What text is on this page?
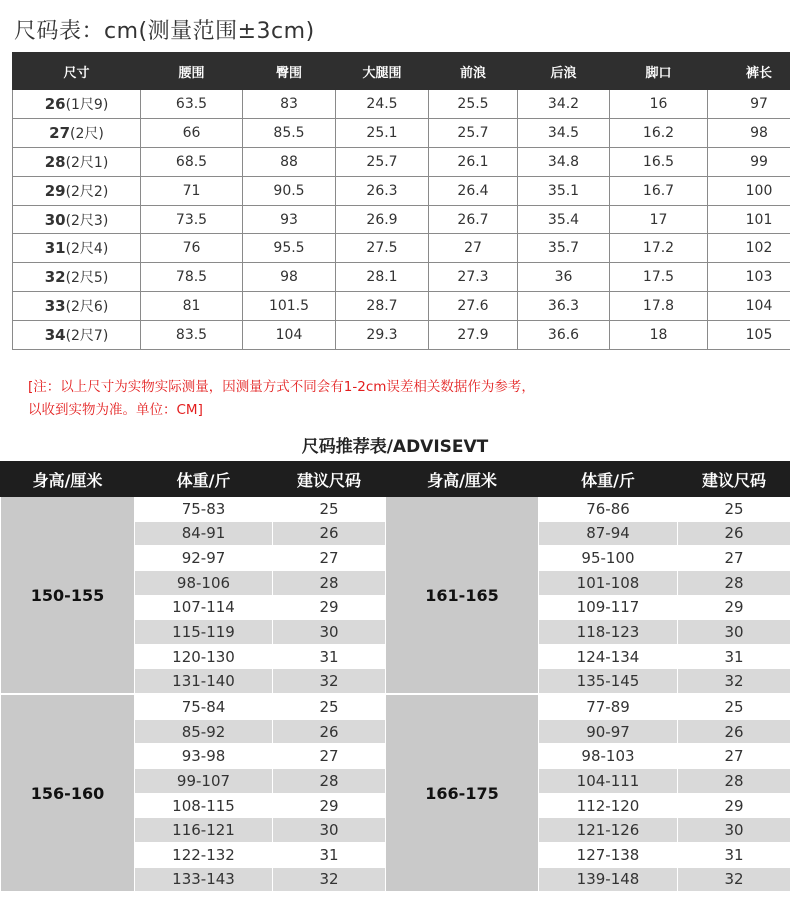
尺码表：cm(测量范围±3cm)
尺寸	腰围	臀围	大腿围	前浪	后浪	脚口	裤长
26(1尺9)	63.5	83	24.5	25.5	34.2	16	97
27(2尺)	66	85.5	25.1	25.7	34.5	16.2	98
28(2尺1)	68.5	88	25.7	26.1	34.8	16.5	99
29(2尺2)	71	90.5	26.3	26.4	35.1	16.7	100
30(2尺3)	73.5	93	26.9	26.7	35.4	17	101
31(2尺4)	76	95.5	27.5	27	35.7	17.2	102
32(2尺5)	78.5	98	28.1	27.3	36	17.5	103
33(2尺6)	81	101.5	28.7	27.6	36.3	17.8	104
34(2尺7)	83.5	104	29.3	27.9	36.6	18	105
[注：以上尺寸为实物实际测量，因测量方式不同会有1-2cm误差相关数据作为参考，
以收到实物为准。单位：CM]
尺码推荐表/ADVISEVT
身高/厘米	体重/斤	建议尺码
150-155	75-83	25
	84-91	26
	92-97	27
	98-106	28
	107-114	29
	115-119	30
	120-130	31
	131-140	32
156-160	75-84	25
	85-92	26
	93-98	27
	99-107	28
	108-115	29
	116-121	30
	122-132	31
	133-143	32
身高/厘米	体重/斤	建议尺码
161-165	76-86	25
	87-94	26
	95-100	27
	101-108	28
	109-117	29
	118-123	30
	124-134	31
	135-145	32
166-175	77-89	25
	90-97	26
	98-103	27
	104-111	28
	112-120	29
	121-126	30
	127-138	31
	139-148	32
